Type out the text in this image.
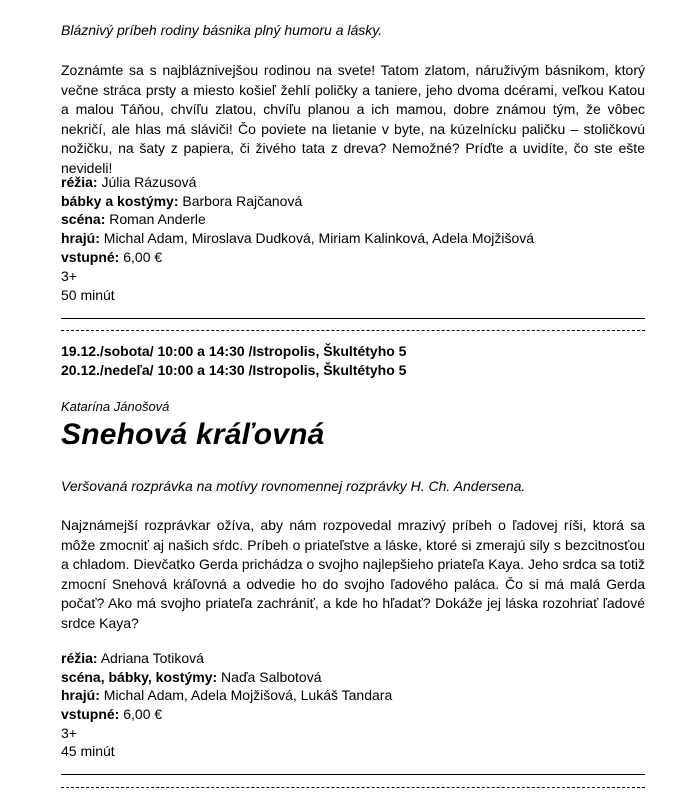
Bláznivý príbeh rodiny básnika plný humoru a lásky.
Zoznámte sa s najbláznivejšou rodinou na svete! Tatom zlatom, náruživým básnikom, ktorý večne stráca prsty a miesto košieľ žehlí poličky a taniere, jeho dvoma dcérami, veľkou Katou a malou Táňou, chvíľu zlatou, chvíľu planou a ich mamou, dobre známou tým, že vôbec nekričí, ale hlas má sláviči! Čo poviete na lietanie v byte, na kúzelnícku paličku – stoličkovú nožičku, na šaty z papiera, či živého tata z dreva? Nemožné? Príďte a uvidíte, čo ste ešte nevideli!
réžia: Júlia Rázusová
bábky a kostýmy: Barbora Rajčanová
scéna: Roman Anderle
hrajú: Michal Adam, Miroslava Dudková, Miriam Kalinková, Adela Mojžišová
vstupné: 6,00 €
3+
50 minút
19.12./sobota/ 10:00 a 14:30 /Istropolis, Škultétyho 5
20.12./nedeľa/ 10:00 a 14:30 /Istropolis, Škultétyho 5
Katarína Jánošová
Snehová kráľovná
Veršovaná rozprávka na motívy rovnomennej rozprávky H. Ch. Andersena.
Najznámejší rozprávkar ožíva, aby nám rozpovedal mrazivý príbeh o ľadovej ríši, ktorá sa môže zmocniť aj našich sŕdc. Príbeh o priateľstve a láske, ktoré si zmerajú sily s bezcitnosťou a chladom. Dievčatko Gerda prichádza o svojho najlepšieho priateľa Kaya. Jeho srdca sa totiž zmocní Snehová kráľovná a odvedie ho do svojho ľadového paláca. Čo si má malá Gerda počať? Ako má svojho priateľa zachrániť, a kde ho hľadať? Dokáže jej láska rozohriať ľadové srdce Kaya?
réžia: Adriana Totiková
scéna, bábky, kostýmy: Naďa Salbotová
hrajú: Michal Adam, Adela Mojžišová, Lukáš Tandara
vstupné: 6,00 €
3+
45 minút
